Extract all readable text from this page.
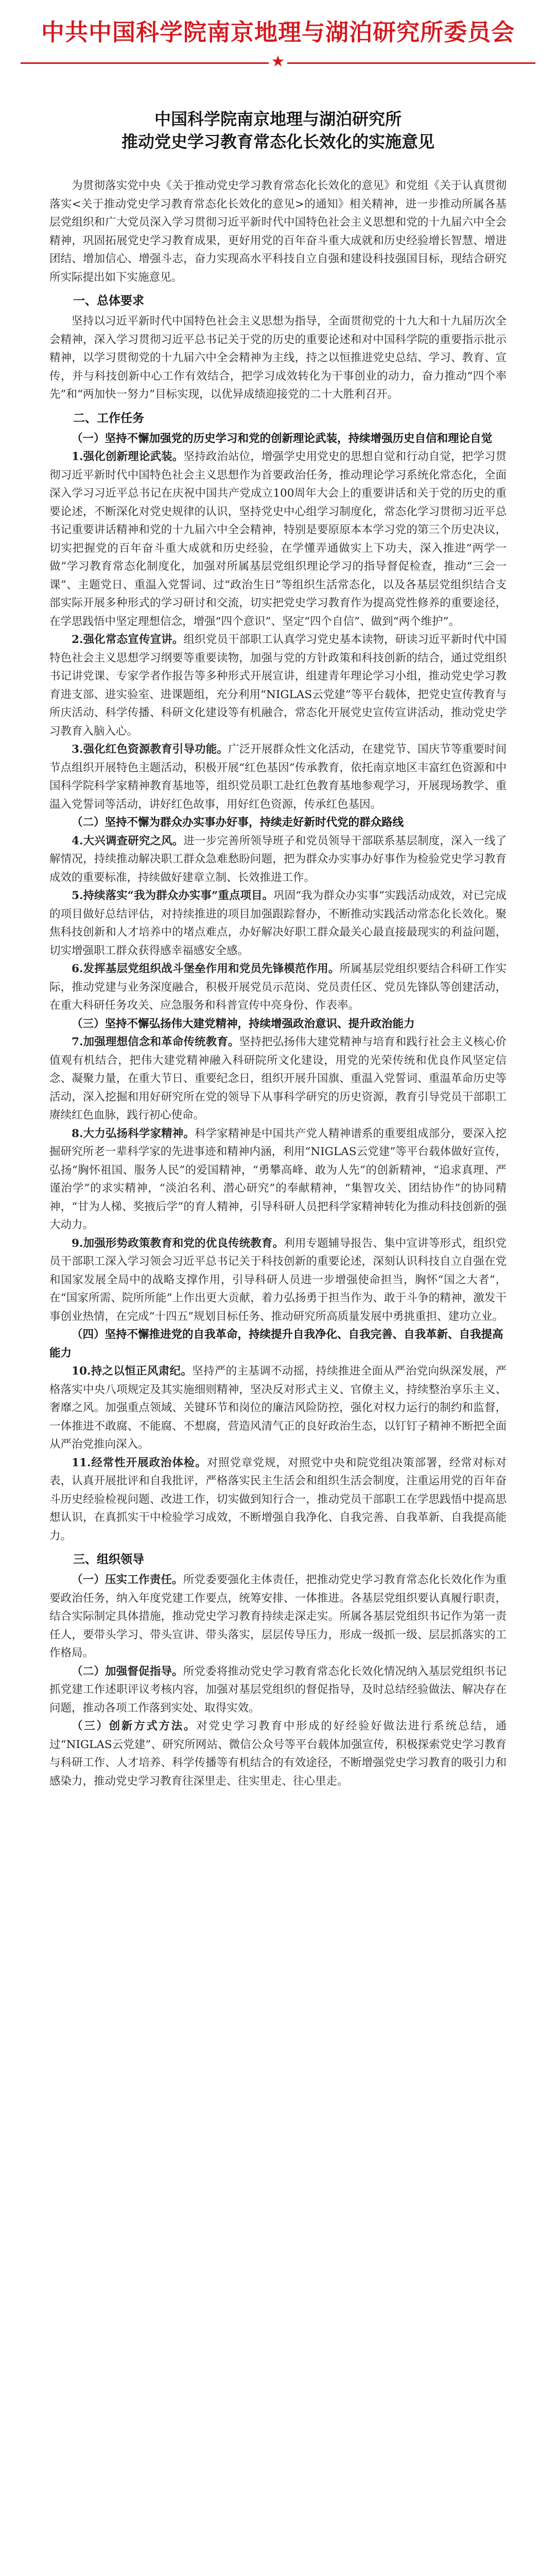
中共中国科学院南京地理与湖泊研究所委员会
★
中国科学院南京地理与湖泊研究所
推动党史学习教育常态化长效化的实施意见

为贯彻落实党中央《关于推动党史学习教育常态化长效化的意见》和党组《关于认真贯彻落实<关于推动党史学习教育常态化长效化的意见>的通知》相关精神，进一步推动所属各基层党组织和广大党员深入学习贯彻习近平新时代中国特色社会主义思想和党的十九届六中全会精神，巩固拓展党史学习教育成果，更好用党的百年奋斗重大成就和历史经验增长智慧、增进团结、增加信心、增强斗志，奋力实现高水平科技自立自强和建设科技强国目标，现结合研究所实际提出如下实施意见。

一、总体要求

坚持以习近平新时代中国特色社会主义思想为指导，全面贯彻党的十九大和十九届历次全会精神，深入学习贯彻习近平总书记关于党的历史的重要论述和对中国科学院的重要指示批示精神，以学习贯彻党的十九届六中全会精神为主线，持之以恒推进党史总结、学习、教育、宣传，并与科技创新中心工作有效结合，把学习成效转化为干事创业的动力，奋力推动“四个率先”和“两加快一努力”目标实现，以优异成绩迎接党的二十大胜利召开。

二、工作任务
（一）坚持不懈加强党的历史学习和党的创新理论武装，持续增强历史自信和理论自觉

1.强化创新理论武装。坚持政治站位，增强学史用党史的思想自觉和行动自觉，把学习贯彻习近平新时代中国特色社会主义思想作为首要政治任务，推动理论学习系统化常态化，全面深入学习习近平总书记在庆祝中国共产党成立100周年大会上的重要讲话和关于党的历史的重要论述，不断深化对党史规律的认识，坚持党史中心组学习制度化，常态化学习贯彻习近平总书记重要讲话精神和党的十九届六中全会精神，特别是要原原本本学习党的第三个历史决议，切实把握党的百年奋斗重大成就和历史经验，在学懂弄通做实上下功夫，深入推进“两学一做”学习教育常态化制度化，加强对所属基层党组织理论学习的指导督促检查，推动“三会一课”、主题党日、重温入党誓词、过“政治生日”等组织生活常态化，以及各基层党组织结合支部实际开展多种形式的学习研讨和交流，切实把党史学习教育作为提高党性修养的重要途径，在学思践悟中坚定理想信念，增强“四个意识”、坚定“四个自信”、做到“两个维护”。

2.强化常态宣传宣讲。组织党员干部职工认真学习党史基本读物，研读习近平新时代中国特色社会主义思想学习纲要等重要读物，加强与党的方针政策和科技创新的结合，通过党组织书记讲党课、专家学者作报告等多种形式开展宣讲，组建青年理论学习小组，推动党史学习教育进支部、进实验室、进课题组，充分利用“NIGLAS云党建”等平台载体，把党史宣传教育与所庆活动、科学传播、科研文化建设等有机融合，常态化开展党史宣传宣讲活动，推动党史学习教育入脑入心。

3.强化红色资源教育引导功能。广泛开展群众性文化活动，在建党节、国庆节等重要时间节点组织开展特色主题活动，积极开展“红色基因”传承教育，依托南京地区丰富红色资源和中国科学院科学家精神教育基地等，组织党员职工赴红色教育基地参观学习，开展现场教学、重温入党誓词等活动，讲好红色故事，用好红色资源，传承红色基因。

（二）坚持不懈为群众办实事办好事，持续走好新时代党的群众路线

4.大兴调查研究之风。进一步完善所领导班子和党员领导干部联系基层制度，深入一线了解情况，持续推动解决职工群众急难愁盼问题，把为群众办实事办好事作为检验党史学习教育成效的重要标准，持续做好建章立制、长效推进工作。

5.持续落实“我为群众办实事”重点项目。巩固“我为群众办实事”实践活动成效，对已完成的项目做好总结评估，对持续推进的项目加强跟踪督办，不断推动实践活动常态化长效化。聚焦科技创新和人才培养中的堵点难点，办好解决好职工群众最关心最直接最现实的利益问题，切实增强职工群众获得感幸福感安全感。

6.发挥基层党组织战斗堡垒作用和党员先锋模范作用。所属基层党组织要结合科研工作实际，推动党建与业务深度融合，积极开展党员示范岗、党员责任区、党员先锋队等创建活动，在重大科研任务攻关、应急服务和科普宣传中亮身份、作表率。

（三）坚持不懈弘扬伟大建党精神，持续增强政治意识、提升政治能力

7.加强理想信念和革命传统教育。坚持把弘扬伟大建党精神与培育和践行社会主义核心价值观有机结合，把伟大建党精神融入科研院所文化建设，用党的光荣传统和优良作风坚定信念、凝聚力量，在重大节日、重要纪念日，组织开展升国旗、重温入党誓词、重温革命历史等活动，深入挖掘和用好研究所在党的领导下从事科学研究的历史资源，教育引导党员干部职工赓续红色血脉，践行初心使命。

8.大力弘扬科学家精神。科学家精神是中国共产党人精神谱系的重要组成部分，要深入挖掘研究所老一辈科学家的先进事迹和精神内涵，利用“NIGLAS云党建”等平台载体做好宣传，弘扬“胸怀祖国、服务人民”的爱国精神，“勇攀高峰、敢为人先”的创新精神，“追求真理、严谨治学”的求实精神，“淡泊名利、潜心研究”的奉献精神，“集智攻关、团结协作”的协同精神，“甘为人梯、奖掖后学”的育人精神，引导科研人员把科学家精神转化为推动科技创新的强大动力。

9.加强形势政策教育和党的优良传统教育。利用专题辅导报告、集中宣讲等形式，组织党员干部职工深入学习领会习近平总书记关于科技创新的重要论述，深刻认识科技自立自强在党和国家发展全局中的战略支撑作用，引导科研人员进一步增强使命担当，胸怀“国之大者”，在“国家所需、院所所能”上作出更大贡献，着力弘扬勇于担当作为、敢于斗争的精神，激发干事创业热情，在完成“十四五”规划目标任务、推动研究所高质量发展中勇挑重担、建功立业。

（四）坚持不懈推进党的自我革命，持续提升自我净化、自我完善、自我革新、自我提高能力

10.持之以恒正风肃纪。坚持严的主基调不动摇，持续推进全面从严治党向纵深发展，严格落实中央八项规定及其实施细则精神，坚决反对形式主义、官僚主义，持续整治享乐主义、奢靡之风。加强重点领域、关键环节和岗位的廉洁风险防控，强化对权力运行的制约和监督，一体推进不敢腐、不能腐、不想腐，营造风清气正的良好政治生态，以钉钉子精神不断把全面从严治党推向深入。

11.经常性开展政治体检。对照党章党规，对照党中央和院党组决策部署，经常对标对表，认真开展批评和自我批评，严格落实民主生活会和组织生活会制度，注重运用党的百年奋斗历史经验检视问题、改进工作，切实做到知行合一，推动党员干部职工在学思践悟中提高思想认识，在真抓实干中检验学习成效，不断增强自我净化、自我完善、自我革新、自我提高能力。

三、组织领导

（一）压实工作责任。所党委要强化主体责任，把推动党史学习教育常态化长效化作为重要政治任务，纳入年度党建工作要点，统筹安排、一体推进。各基层党组织要认真履行职责，结合实际制定具体措施，推动党史学习教育持续走深走实。所属各基层党组织书记作为第一责任人，要带头学习、带头宣讲、带头落实，层层传导压力，形成一级抓一级、层层抓落实的工作格局。

（二）加强督促指导。所党委将推动党史学习教育常态化长效化情况纳入基层党组织书记抓党建工作述职评议考核内容，加强对基层党组织的督促指导，及时总结经验做法、解决存在问题，推动各项工作落到实处、取得实效。

（三）创新方式方法。对党史学习教育中形成的好经验好做法进行系统总结，通过“NIGLAS云党建”、研究所网站、微信公众号等平台载体加强宣传，积极探索党史学习教育与科研工作、人才培养、科学传播等有机结合的有效途径，不断增强党史学习教育的吸引力和感染力，推动党史学习教育往深里走、往实里走、往心里走。
